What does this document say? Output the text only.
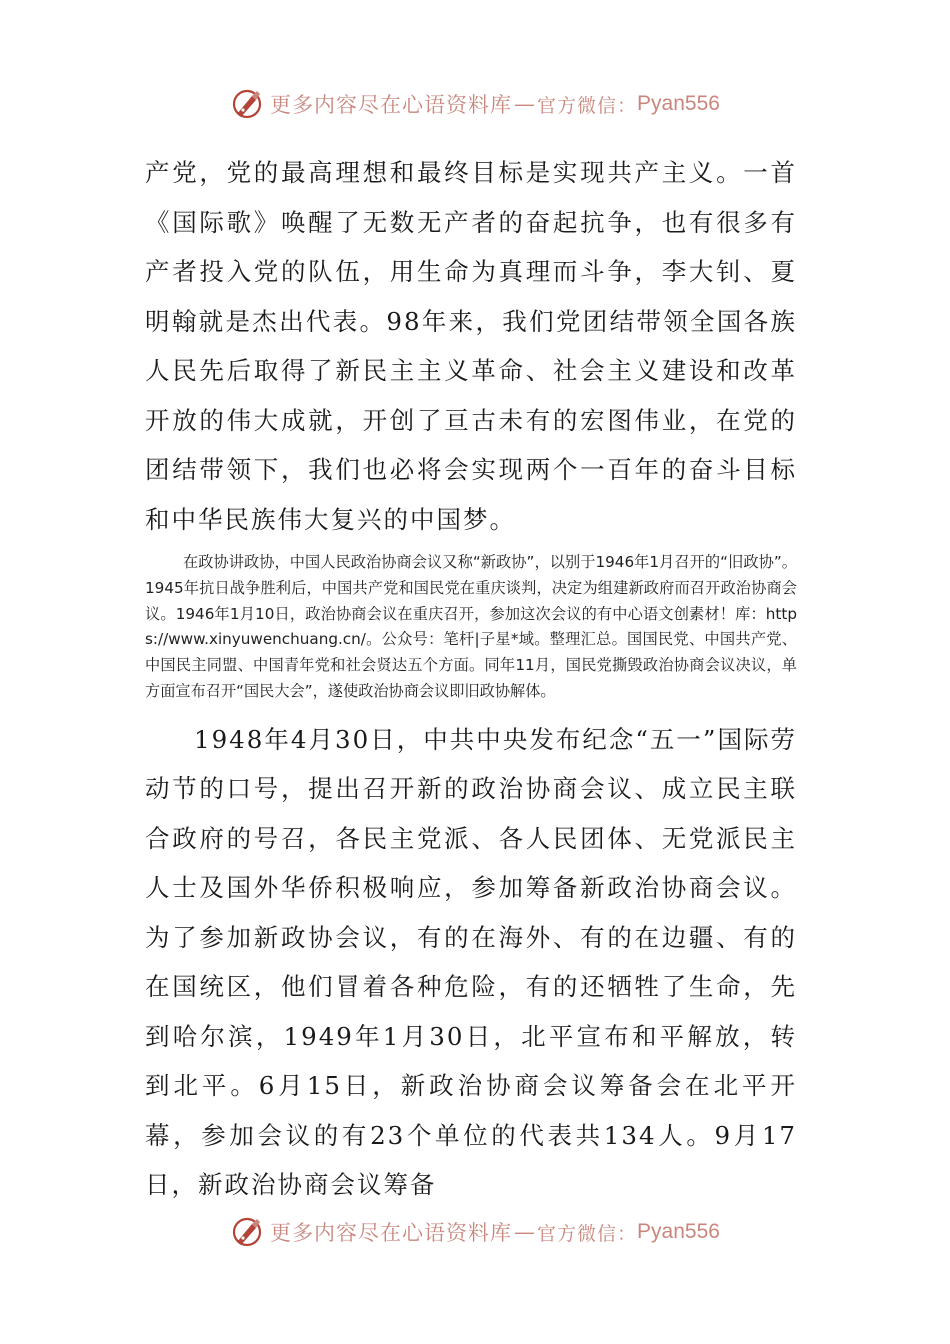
更多内容尽在心语资料库 — 官方微信： Pyan556

产党，党的最高理想和最终目标是实现共产主义。一首《国际歌》唤醒了无数无产者的奋起抗争，也有很多有产者投入党的队伍，用生命为真理而斗争，李大钊、夏明翰就是杰出代表。98年来，我们党团结带领全国各族人民先后取得了新民主主义革命、社会主义建设和改革开放的伟大成就，开创了亘古未有的宏图伟业，在党的团结带领下，我们也必将会实现两个一百年的奋斗目标和中华民族伟大复兴的中国梦。

在政协讲政协，中国人民政治协商会议又称“新政协”，以别于1946年1月召开的“旧政协”。1945年抗日战争胜利后，中国共产党和国民党在重庆谈判，决定为组建新政府而召开政治协商会议。1946年1月10日，政治协商会议在重庆召开，参加这次会议的有中心语文创素材！库：https://www.xinyuwenchuang.cn/。公众号：笔杆|子星*域。整理汇总。国国民党、中国共产党、中国民主同盟、中国青年党和社会贤达五个方面。同年11月，国民党撕毁政治协商会议决议，单方面宣布召开“国民大会”，遂使政治协商会议即旧政协解体。

1948年4月30日，中共中央发布纪念“五一”国际劳动节的口号，提出召开新的政治协商会议、成立民主联合政府的号召，各民主党派、各人民团体、无党派民主人士及国外华侨积极响应，参加筹备新政治协商会议。为了参加新政协会议，有的在海外、有的在边疆、有的在国统区，他们冒着各种危险，有的还牺牲了生命，先到哈尔滨，1949年1月30日，北平宣布和平解放，转到北平。6月15日，新政治协商会议筹备会在北平开幕，参加会议的有23个单位的代表共134人。9月17日，新政治协商会议筹备

更多内容尽在心语资料库 — 官方微信： Pyan556
